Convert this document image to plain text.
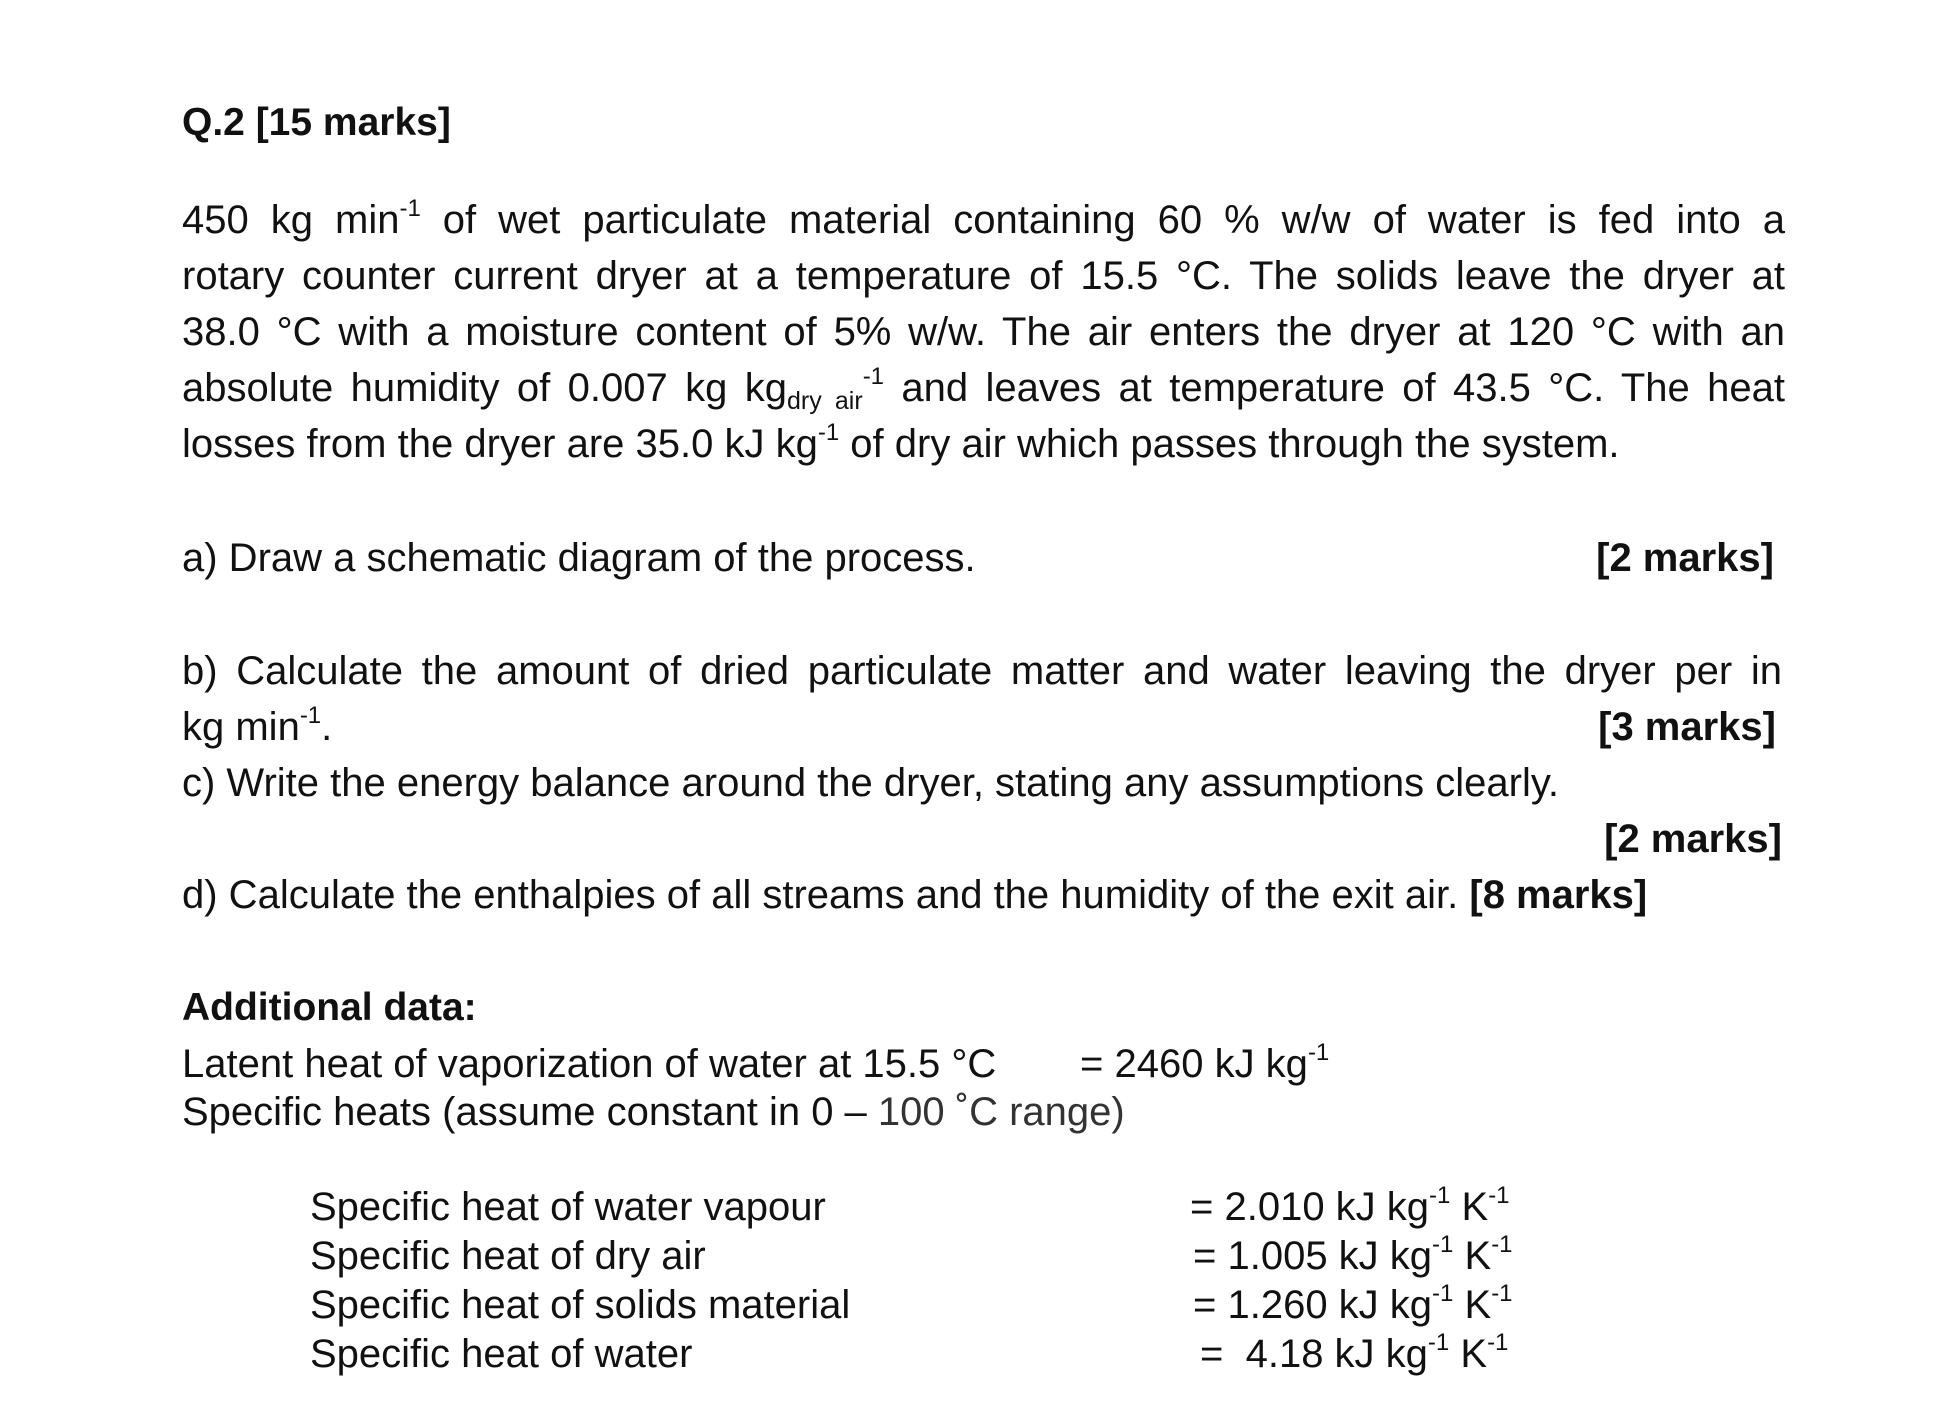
Q.2 [15 marks]
450 kg $\min^{-1}$ of wet particulate material containing 60 % w/w of water is fed into a
rotary counter current dryer at a temperature of 15.5 °C. The solids leave the dryer at
38.0 °C with a moisture content of 5% w/w. The air enters the dryer at 120 °C with an
absolute humidity of 0.007 kg $kg_{dry air}^{-1}$ and leaves at temperature of 43.5 °C. The heat
losses from the dryer are 35.0 kJ $kg^{-1}$ of dry air which passes through the system.
a) Draw a schematic diagram of the process.	[2 marks]
b) Calculate the amount of dried particulate matter and water leaving the dryer per in
kg $\min^{-1}$.	[3 marks]
c) Write the energy balance around the dryer, stating any assumptions clearly.
[2 marks]
d) Calculate the enthalpies of all streams and the humidity of the exit air. [8 marks]
Additional data:
Latent heat of vaporization of water at 15.5 °C = 2460 kJ $kg^{-1}$
Specific heats (assume constant in 0 – 100 ˚C range)
Specific heat of water vapour	= 2.010 kJ $kg^{-1}$ $K^{-1}$
Specific heat of dry air	= 1.005 kJ $kg^{-1}$ $K^{-1}$
Specific heat of solids material	= 1.260 kJ $kg^{-1}$ $K^{-1}$
Specific heat of water	=  4.18 kJ $kg^{-1}$ $K^{-1}$
